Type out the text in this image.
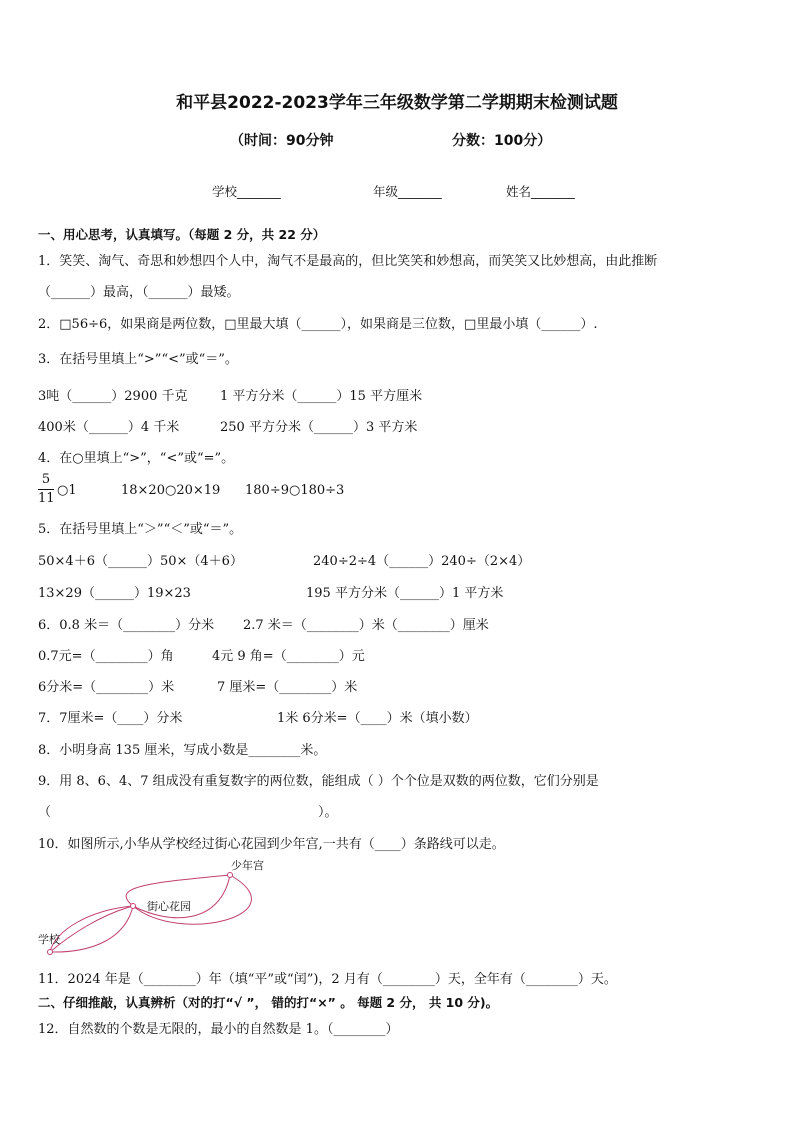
和平县2022-2023学年三年级数学第二学期期末检测试题
（时间：90分钟	分数：100分）
学校_______	年级_______	姓名_______
一、用心思考，认真填写。（每题 2 分，共 22 分）
1．笑笑、淘气、奇思和妙想四个人中，淘气不是最高的，但比笑笑和妙想高，而笑笑又比妙想高，由此推断
（______）最高，（______）最矮。
2．□56÷6，如果商是两位数，□里最大填（______），如果商是三位数，□里最小填（______）.
3．在括号里填上“>”“<”或“＝”。
3吨（______）2900 千克	1 平方分米（______）15 平方厘米
400米（______）4 千米	250 平方分米（______）3 平方米
4．在○里填上“>”，“<”或“=”。
5
11
○1	18×20○20×19 180÷9○180÷3
5．在括号里填上“＞”“＜”或“＝”。
50×4＋6（______）50×（4＋6）	240÷2÷4（______）240÷（2×4）
13×29（______）19×23	195 平方分米（______）1 平方米
6．0.8 米＝（________）分米 2.7 米＝（________）米（________）厘米
0.7元=（________）角	4元 9 角=（________）元
6分米=（________）米	7 厘米=（________）米
7．7厘米=（____）分米	1米 6分米=（____）米（填小数）
8．小明身高 135 厘米，写成小数是________米。
9．用 8、6、4、7 组成没有重复数字的两位数，能组成（ ）个个位是双数的两位数，它们分别是
（	）。
10．如图所示,小华从学校经过街心花园到少年宫,一共有（____）条路线可以走。
少年宫
街心花园
学校
11．2024 年是（________）年（填“平”或“闰”)，2 月有（________）天，全年有（________）天。
二、仔细推敲，认真辨析（对的打“√ ”， 错的打“×” 。 每题 2 分， 共 10 分)。
12．自然数的个数是无限的，最小的自然数是 1。（________）
